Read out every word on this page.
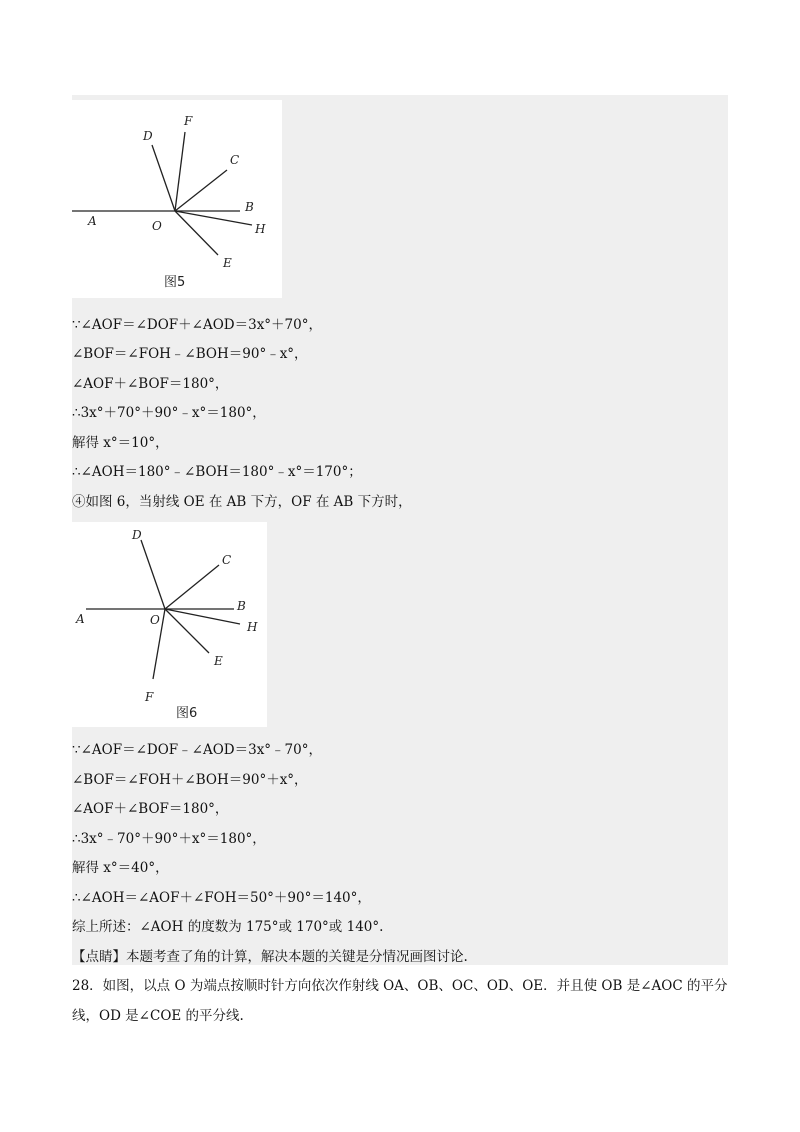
A	O
B
H
C
D
F
E
图5
∵∠AOF＝∠DOF＋∠AOD＝3x°＋70°，
∠BOF＝∠FOH﹣∠BOH＝90°﹣x°，
∠AOF＋∠BOF＝180°，
∴3x°＋70°＋90°﹣x°＝180°，
解得 x°＝10°，
∴∠AOH＝180°﹣∠BOH＝180°﹣x°＝170°；
④如图 6，当射线 OE 在 AB 下方，OF 在 AB 下方时，
A	O
B
H
C
D
E
F
图6
∵∠AOF＝∠DOF﹣∠AOD＝3x°﹣70°，
∠BOF＝∠FOH＋∠BOH＝90°＋x°，
∠AOF＋∠BOF＝180°，
∴3x°﹣70°＋90°＋x°＝180°，
解得 x°＝40°，
∴∠AOH＝∠AOF＋∠FOH＝50°＋90°＝140°，
综上所述：∠AOH 的度数为 175°或 170°或 140°.
【点睛】本题考查了角的计算，解决本题的关键是分情况画图讨论.
28．如图，以点 O 为端点按顺时针方向依次作射线 OA、OB、OC、OD、OE．并且使 OB 是∠AOC 的平分线，OD 是∠COE 的平分线.
